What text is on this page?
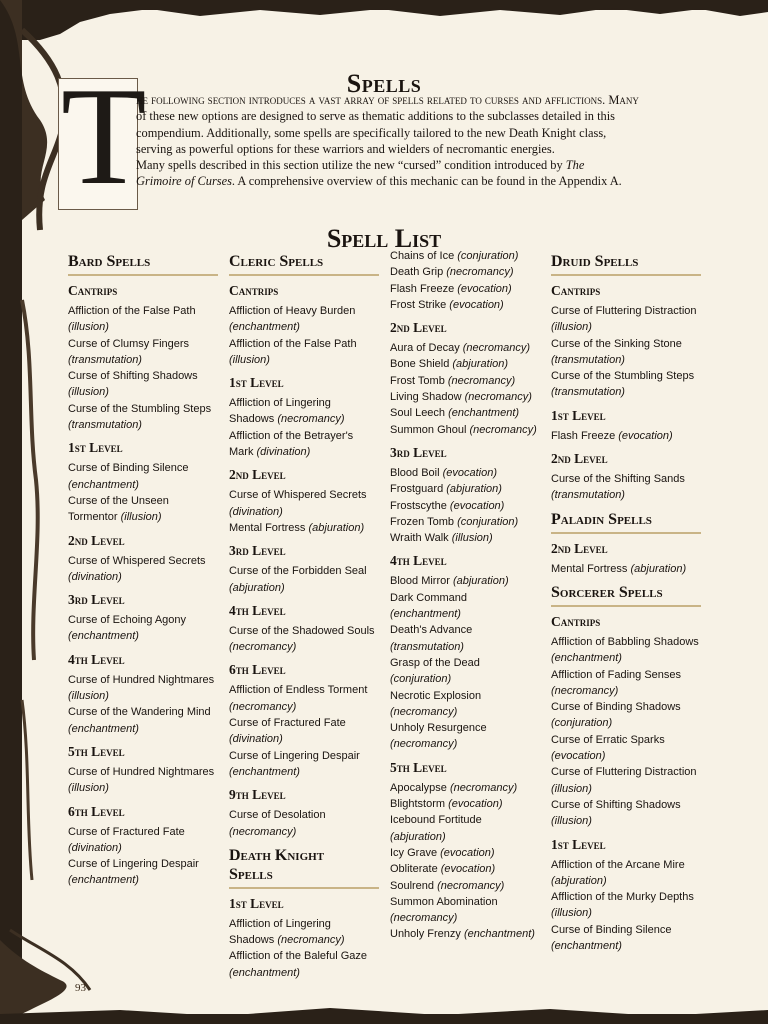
Spells
T
he following section introduces a vast array of spells related to curses and afflictions. Many
of these new options are designed to serve as thematic additions to the subclasses detailed in this
compendium. Additionally, some spells are specifically tailored to the new Death Knight class,
serving as powerful options for these warriors and wielders of necromantic energies.
Many spells described in this section utilize the new “cursed” condition introduced by The
Grimoire of Curses. A comprehensive overview of this mechanic can be found in the Appendix A.
Spell List
Bard Spells
Cantrips
Affliction of the False Path (illusion)
Curse of Clumsy Fingers (transmutation)
Curse of Shifting Shadows (illusion)
Curse of the Stumbling Steps (transmutation)
1st Level
Curse of Binding Silence (enchantment)
Curse of the Unseen Tormentor (illusion)
2nd Level
Curse of Whispered Secrets (divination)
3rd Level
Curse of Echoing Agony (enchantment)
4th Level
Curse of Hundred Nightmares (illusion)
Curse of the Wandering Mind (enchantment)
5th Level
Curse of Hundred Nightmares (illusion)
6th Level
Curse of Fractured Fate (divination)
Curse of Lingering Despair (enchantment)
Cleric Spells
Cantrips
Affliction of Heavy Burden (enchantment)
Affliction of the False Path (illusion)
1st Level
Affliction of Lingering Shadows (necromancy)
Affliction of the Betrayer's Mark (divination)
2nd Level
Curse of Whispered Secrets (divination)
Mental Fortress (abjuration)
3rd Level
Curse of the Forbidden Seal (abjuration)
4th Level
Curse of the Shadowed Souls (necromancy)
6th Level
Affliction of Endless Torment (necromancy)
Curse of Fractured Fate (divination)
Curse of Lingering Despair (enchantment)
9th Level
Curse of Desolation (necromancy)
Death Knight
Spells
1st Level
Affliction of Lingering Shadows (necromancy)
Affliction of the Baleful Gaze (enchantment)
Chains of Ice (conjuration)
Death Grip (necromancy)
Flash Freeze (evocation)
Frost Strike (evocation)
2nd Level
Aura of Decay (necromancy)
Bone Shield (abjuration)
Frost Tomb (necromancy)
Living Shadow (necromancy)
Soul Leech (enchantment)
Summon Ghoul (necromancy)
3rd Level
Blood Boil (evocation)
Frostguard (abjuration)
Frostscythe (evocation)
Frozen Tomb (conjuration)
Wraith Walk (illusion)
4th Level
Blood Mirror (abjuration)
Dark Command (enchantment)
Death's Advance (transmutation)
Grasp of the Dead (conjuration)
Necrotic Explosion (necromancy)
Unholy Resurgence (necromancy)
5th Level
Apocalypse (necromancy)
Blightstorm (evocation)
Icebound Fortitude (abjuration)
Icy Grave (evocation)
Obliterate (evocation)
Soulrend (necromancy)
Summon Abomination (necromancy)
Unholy Frenzy (enchantment)
Druid Spells
Cantrips
Curse of Fluttering Distraction (illusion)
Curse of the Sinking Stone (transmutation)
Curse of the Stumbling Steps (transmutation)
1st Level
Flash Freeze (evocation)
2nd Level
Curse of the Shifting Sands (transmutation)
Paladin Spells
2nd Level
Mental Fortress (abjuration)
Sorcerer Spells
Cantrips
Affliction of Babbling Shadows (enchantment)
Affliction of Fading Senses (necromancy)
Curse of Binding Shadows (conjuration)
Curse of Erratic Sparks (evocation)
Curse of Fluttering Distraction (illusion)
Curse of Shifting Shadows (illusion)
1st Level
Affliction of the Arcane Mire (abjuration)
Affliction of the Murky Depths (illusion)
Curse of Binding Silence (enchantment)
93
